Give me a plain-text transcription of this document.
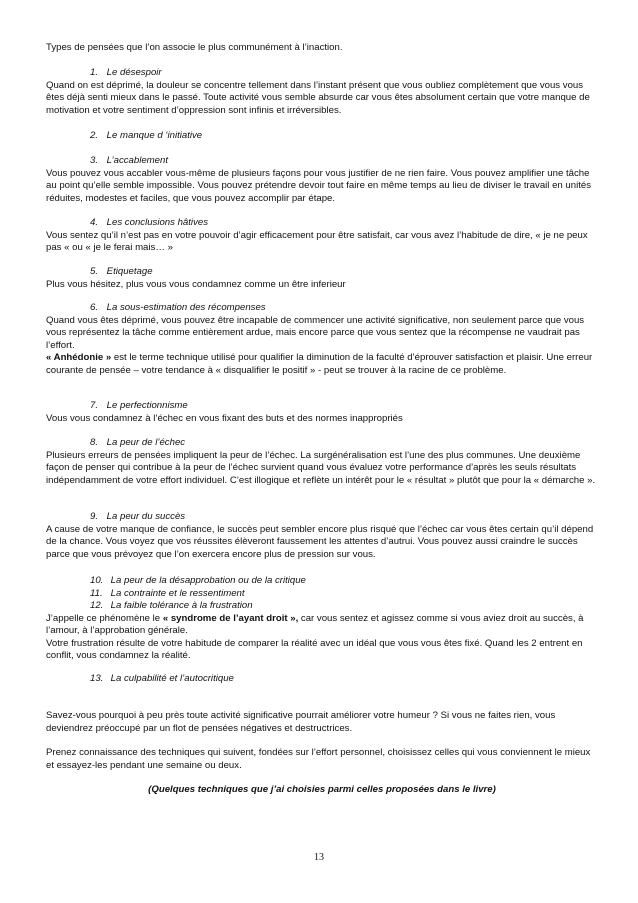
Types de pensées que l’on associe le plus communément à l’inaction.

1. Le désespoir

Quand on est déprimé, la douleur se concentre tellement dans l’instant présent que vous oubliez complètement que vous vous êtes déjà senti mieux dans le passé. Toute activité vous semble absurde car vous êtes absolument certain que votre manque de motivation et votre sentiment d’oppression sont infinis et irréversibles.

2. Le manque d ‘initiative

3. L’accablement

Vous pouvez vous accabler vous-même de plusieurs façons pour vous justifier de ne rien faire. Vous pouvez amplifier une tâche au point qu’elle semble impossible. Vous pouvez prétendre devoir tout faire en même temps au lieu de diviser le travail en unités réduites, modestes et faciles, que vous pouvez accomplir par étape.

4. Les conclusions hâtives

Vous sentez qu’il n’est pas en votre pouvoir d’agir efficacement pour être satisfait, car vous avez l’habitude de dire, « je ne peux pas « ou « je le ferai mais… »

5. Etiquetage

Plus vous hésitez, plus vous vous condamnez comme un être inferieur

6. La sous-estimation des récompenses

Quand vous êtes déprimé, vous pouvez être incapable de commencer une activité significative, non seulement parce que vous vous représentez la tâche comme entièrement ardue, mais encore parce que vous sentez que la récompense ne vaudrait pas l’effort.

« Anhédonie » est le terme technique utilisé pour qualifier la diminution de la faculté d’éprouver satisfaction et plaisir. Une erreur courante de pensée – votre tendance à « disqualifier le positif » - peut se trouver à la racine de ce problème.

7. Le perfectionnisme

Vous vous condamnez à l’échec en vous fixant des buts et des normes inappropriés

8. La peur de l’échec

Plusieurs erreurs de pensées impliquent la peur de l’échec. La surgénéralisation est l’une des plus communes. Une deuxième façon de penser qui contribue à la peur de l’échec survient quand vous évaluez votre performance d’après les seuls résultats indépendamment de votre effort individuel. C’est illogique et reflète un intérêt pour le « résultat » plutôt que pour la « démarche ».

9. La peur du succès

A cause de votre manque de confiance, le succès peut sembler encore plus risqué que l’échec car vous êtes certain qu’il dépend de la chance. Vous voyez que vos réussites élèveront faussement les attentes d’autrui. Vous pouvez aussi craindre le succès parce que vous prévoyez que l’on exercera encore plus de pression sur vous.

10. La peur de la désapprobation ou de la critique

11. La contrainte et le ressentiment

12. La faible tolérance à la frustration

J’appelle ce phénomène le « syndrome de l’ayant droit », car vous sentez et agissez comme si vous aviez droit au succès, à l’amour, à l’approbation générale.

Votre frustration résulte de votre habitude de comparer la réalité avec un idéal que vous vous êtes fixé. Quand les 2 entrent en conflit, vous condamnez la réalité.

13. La culpabilité et l’autocritique

Savez-vous pourquoi à peu près toute activité significative pourrait améliorer votre humeur ? Si vous ne faites rien, vous deviendrez préoccupé par un flot de pensées négatives et destructrices.

Prenez connaissance des techniques qui suivent, fondées sur l’effort personnel, choisissez celles qui vous conviennent le mieux et essayez-les pendant une semaine ou deux.

(Quelques techniques que j’ai choisies parmi celles proposées dans le livre)

13
